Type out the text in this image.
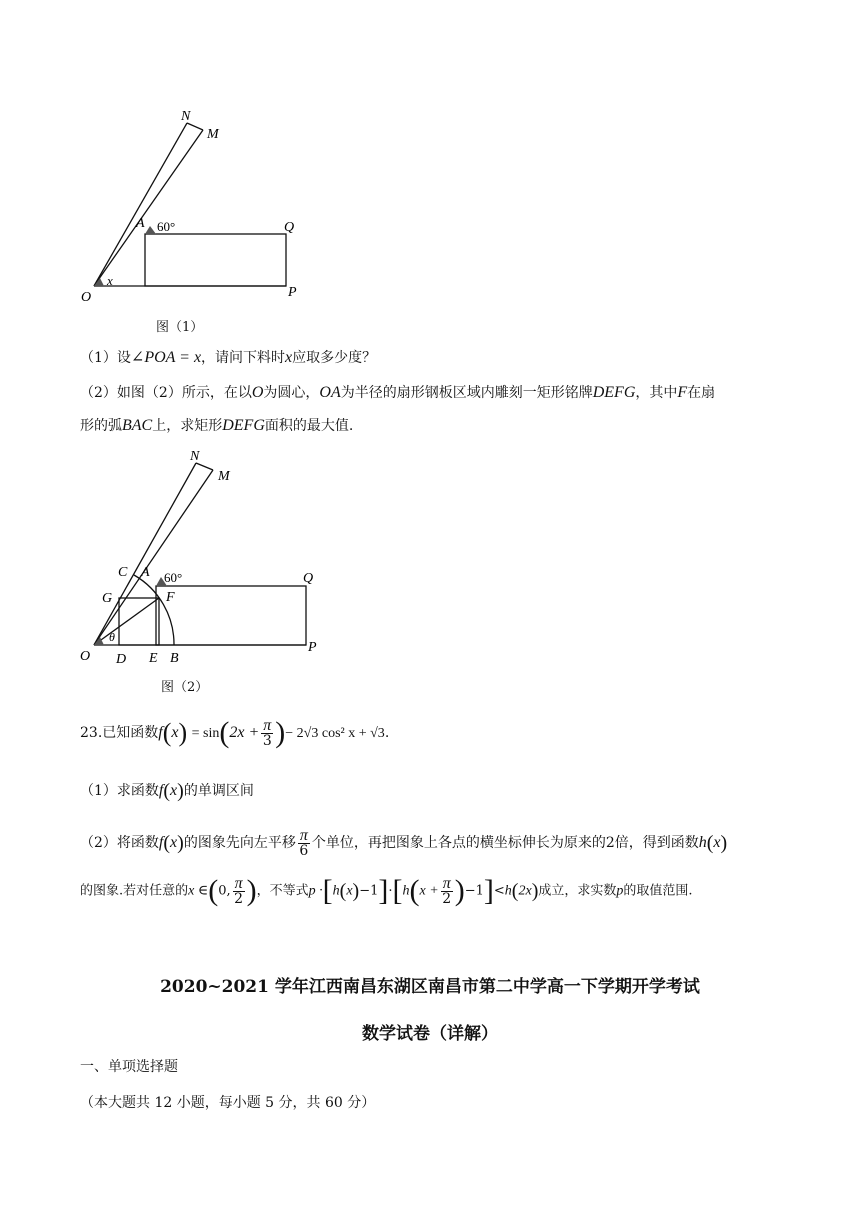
N
M
A 60°	Q
O
x
P
图（1）
（1）设∠POA = x，请问下料时x应取多少度？
（2）如图（2）所示，在以O为圆心，OA为半径的扇形钢板区域内雕刻一矩形铭牌DEFG，其中F在扇
形的弧BAC上，求矩形DEFG面积的最大值.
N
M
C A 60°	Q
G	F
θ
O D E B
P
图（2）
23.已知函数$f(x) = \sin(2x + \frac{\pi}{3}$ )− 2√3 cos² x + √3.
（1）求函数f(x)的单调区间
（2）将函数f(x)的图象先向左平移 $\frac{\pi}{6}$ 个单位，再把图象上各点的横坐标伸长为原来的2倍，得到函数h(x)
的图象.若对任意的x ∈(0, $\frac{\pi}{2}$ )，不等式$p \cdot[h(x)-1]\cdot[h(x + \frac{\pi}{2} )-1]<h(2x)$成立，求实数p的取值范围.
2020~2021 学年江西南昌东湖区南昌市第二中学高一下学期开学考试
数学试卷（详解）
一、单项选择题
（本大题共 12 小题，每小题 5 分，共 60 分）
